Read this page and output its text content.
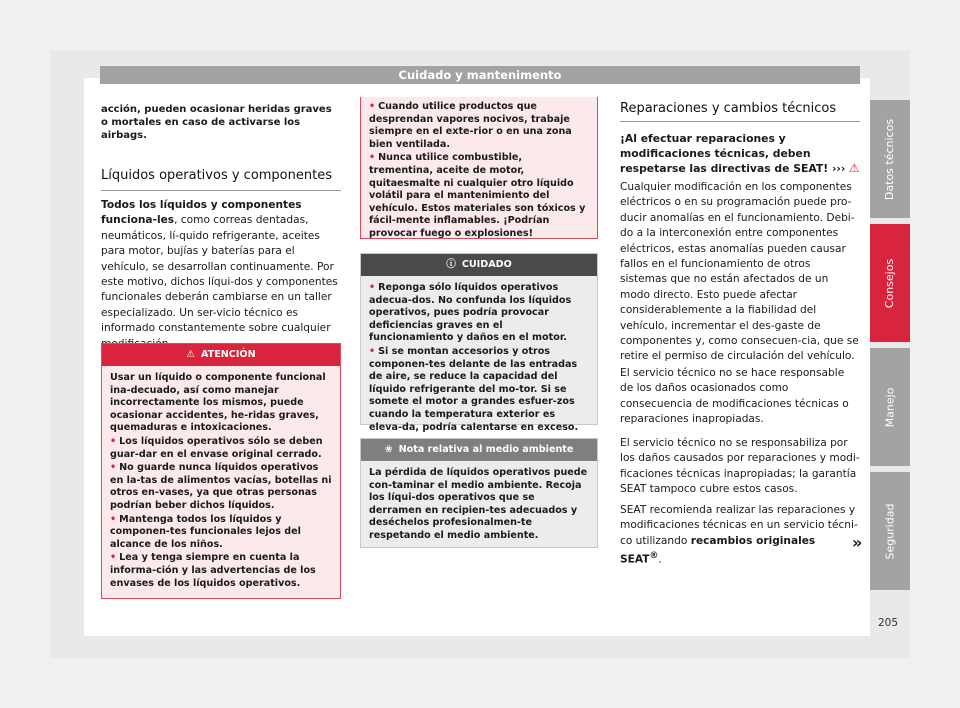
Cuidado y mantenimento
acción, pueden ocasionar heridas graves o mortales en caso de activarse los airbags.
Líquidos operativos y componentes
Todos los líquidos y componentes funciona-les, como correas dentadas, neumáticos, lí-quido refrigerante, aceites para motor, bujías y baterías para el vehículo, se desarrollan continuamente. Por este motivo, dichos líqui-dos y componentes funcionales deberán cambiarse en un taller especializado. Un ser-vicio técnico es informado constantemente sobre cualquier
⚠ ATENCIÓN

Usar un líquido o componente funcional ina-decuado, así como manejar incorrectamente los mismos, puede ocasionar accidentes, he-ridas graves, quemaduras e intoxicaciones.

• Los líquidos operativos sólo se deben guar-dar en el envase original cerrado.

• No guarde nunca líquidos operativos en la-tas de alimentos vacías, botellas ni otros en-vases, ya que otras personas podrían beber dichos líquidos.

• Mantenga todos los líquidos y componen-tes funcionales lejos del alcance de los niños.

• Lea y tenga siempre en cuenta la informa-ción y las advertencias de los envases de los líquidos operativos.

• Cuando utilice productos que desprendan vapores nocivos, trabaje siempre en el exte-rior o en una zona bien ventilada.

• Nunca utilice combustible, trementina, aceite de motor, quitaesmalte ni cualquier otro líquido volátil para el mantenimiento del vehículo. Estos materiales son tóxicos y fácil-mente inflamables. ¡Podrían provocar fuego o explosiones!

ⓘ CUIDADO

• Reponga sólo líquidos operativos adecua-dos. No confunda los líquidos operativos, pues podría provocar deficiencias graves en el funcionamiento y daños en el motor.

• Si se montan accesorios y otros componen-tes delante de las entradas de aire, se reduce la capacidad del líquido refrigerante del mo-tor. Si se somete el motor a grandes esfuer-zos cuando la temperatura exterior es eleva-da, podría calentarse en exceso.

❀ Nota relativa al medio ambiente
La pérdida de líquidos operativos puede con-taminar el medio ambiente. Recoja los líqui-dos operativos que se derramen en recipien-tes adecuados y deséchelos profesionalmen-te respetando el medio ambiente.
Reparaciones y cambios técnicos
¡Al efectuar reparaciones y modificaciones técnicas, deben respetarse las directivas de SEAT! ››› ⚠
Cualquier modificación en los componentes eléctricos o en su programación puede pro-ducir anomalías en el funcionamiento. Debi-do a la interconexión entre componentes eléctricos, estas anomalías pueden causar fallos en el funcionamiento de otros sistemas que no están afectados de un modo directo. Esto puede afectar considerablemente a la fiabilidad del vehículo, incrementar el des-gaste de componentes y, como consecuen-cia, que se retire el permiso de circulación del vehículo.
El servicio técnico no se hace responsable de los daños ocasionados como consecuencia de modificaciones técnicas o reparaciones inapropiadas.
El servicio técnico no se responsabiliza por los daños causados por reparaciones y modi-ficaciones técnicas inapropiadas; la garantía SEAT tampoco cubre estos casos.
SEAT recomienda realizar las reparaciones y modificaciones técnicas en un servicio técni-co utilizando recambios originales SEAT®.
»
Datos técnicos
Consejos
Manejo
Seguridad
205
